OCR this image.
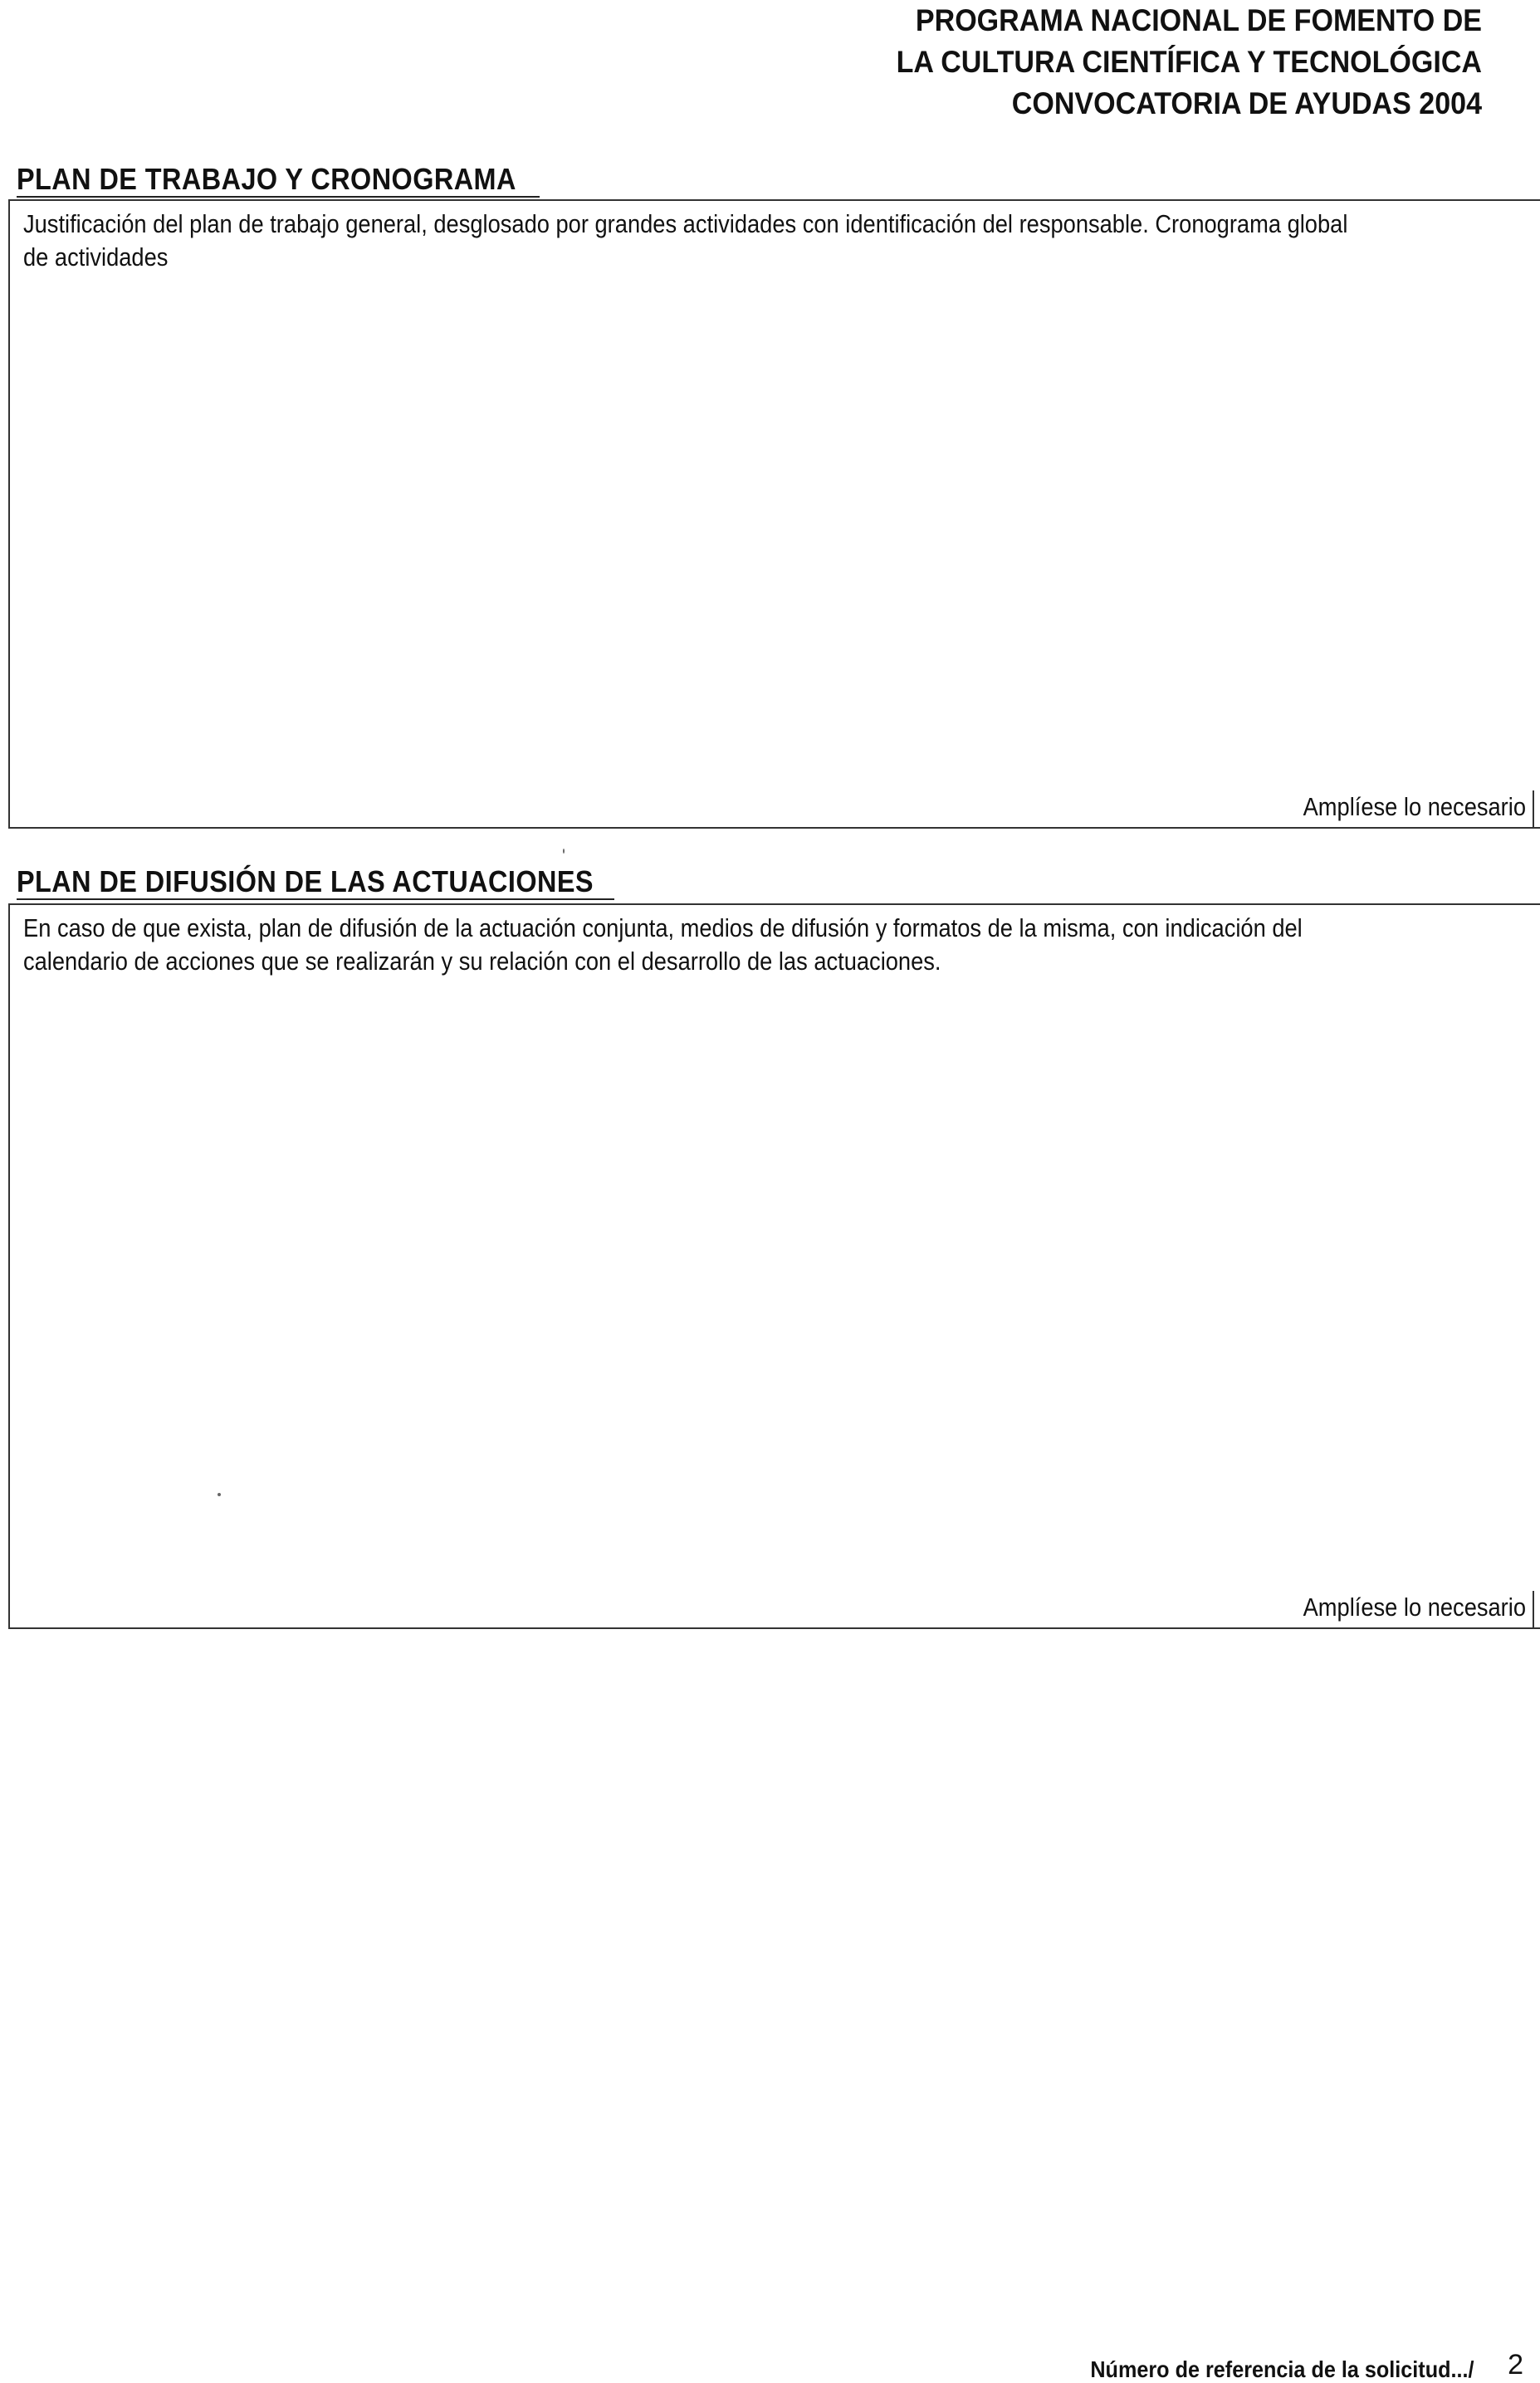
PROGRAMA NACIONAL DE FOMENTO DE
LA CULTURA CIENTÍFICA Y TECNOLÓGICA
CONVOCATORIA DE AYUDAS 2004
PLAN DE TRABAJO Y CRONOGRAMA
Justificación del plan de trabajo general, desglosado por grandes actividades con identificación del responsable. Cronograma global
de actividades
Amplíese lo necesario
PLAN DE DIFUSIÓN DE LAS ACTUACIONES
En caso de que exista, plan de difusión de la actuación conjunta, medios de difusión y formatos de la misma, con indicación del
calendario de acciones que se realizarán y su relación con el desarrollo de las actuaciones.
Amplíese lo necesario
Número de referencia de la solicitud.../ 2
